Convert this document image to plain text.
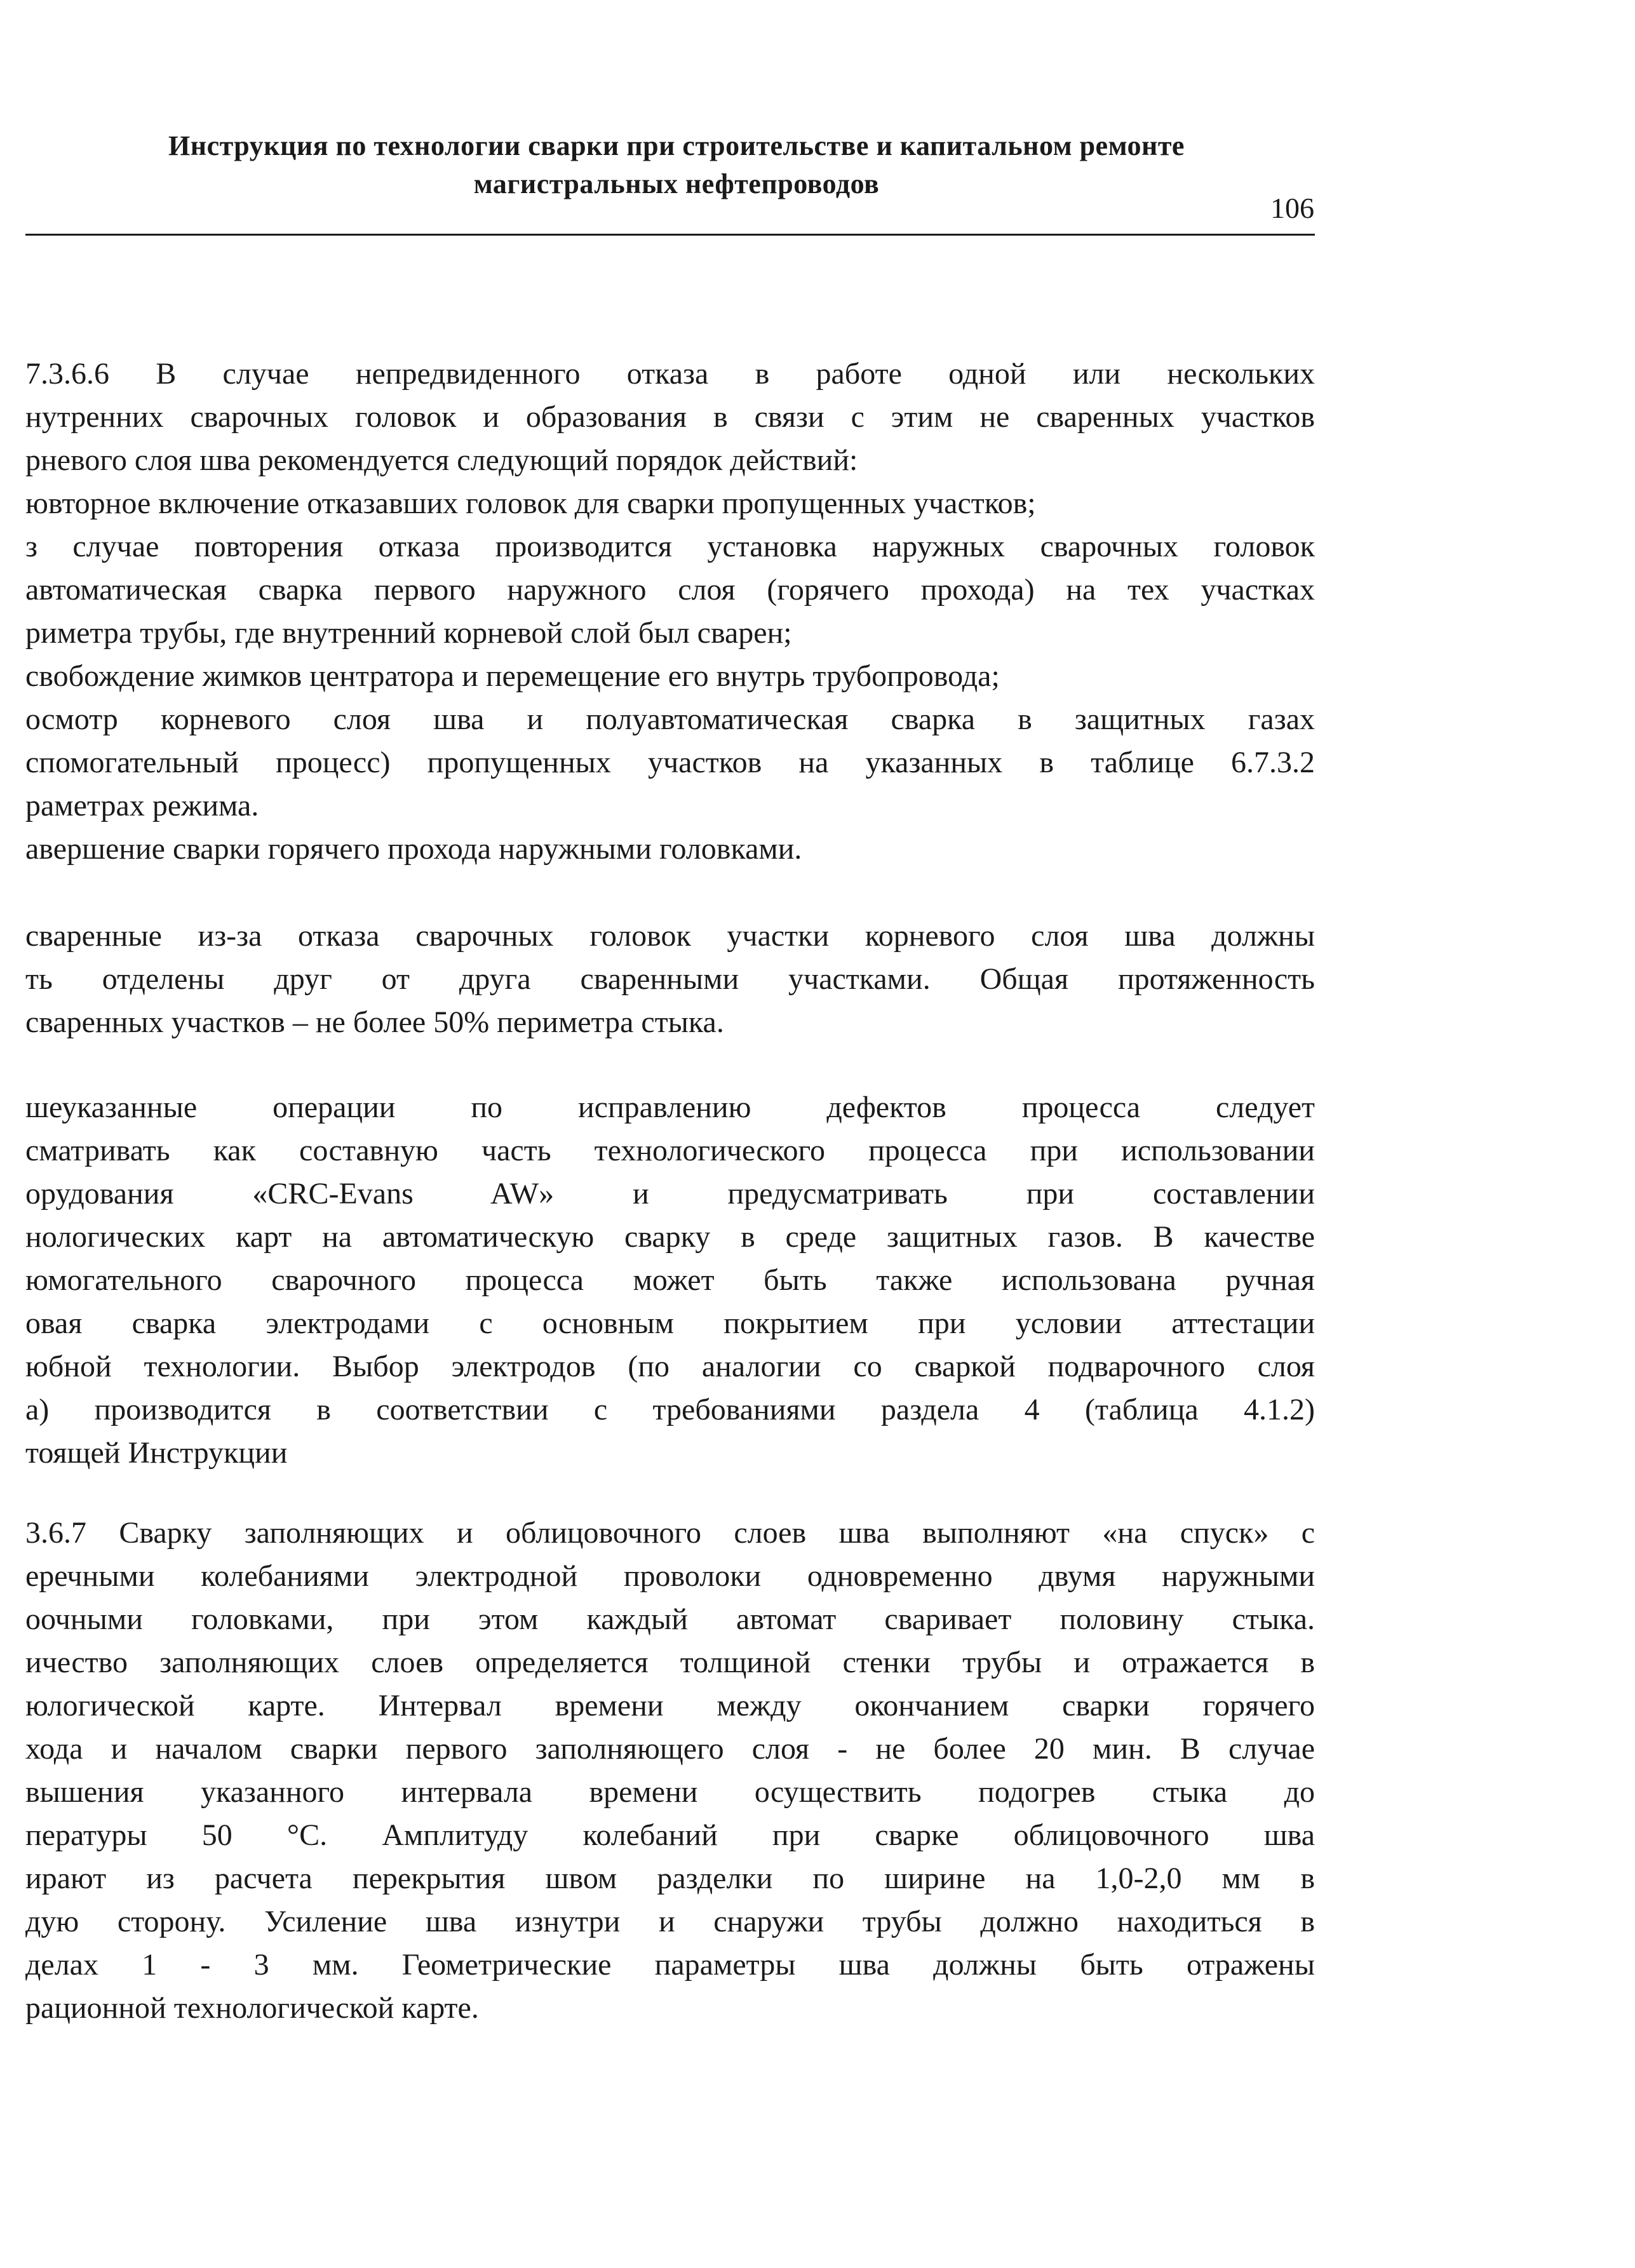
Инструкция по технологии сварки при строительстве и капитальном ремонте
магистральных нефтепроводов
106
7.3.6.6 В случае непредвиденного отказа в работе одной или нескольких
нутренних сварочных головок и образования в связи с этим не сваренных участков
рневого слоя шва рекомендуется следующий порядок действий:
ювторное включение отказавших головок для сварки пропущенных участков;
з случае повторения отказа производится установка наружных сварочных головок
автоматическая сварка первого наружного слоя (горячего прохода) на тех участках
риметра трубы, где внутренний корневой слой был сварен;
свобождение жимков центратора и перемещение его внутрь трубопровода;
осмотр корневого слоя шва и полуавтоматическая сварка в защитных газах
спомогательный процесс) пропущенных участков на указанных в таблице 6.7.3.2
раметрах режима.
авершение сварки горячего прохода наружными головками.
сваренные из-за отказа сварочных головок участки корневого слоя шва должны
ть отделены друг от друга сваренными участками. Общая протяженность
сваренных участков – не более 50% периметра стыка.
шеуказанные операции по исправлению дефектов процесса следует
сматривать как составную часть технологического процесса при использовании
орудования «CRC-Evans AW» и предусматривать при составлении
нологических карт на автоматическую сварку в среде защитных газов. В качестве
юмогательного сварочного процесса может быть также использована ручная
овая сварка электродами с основным покрытием при условии аттестации
юбной технологии. Выбор электродов (по аналогии со сваркой подварочного слоя
а) производится в соответствии с требованиями раздела 4 (таблица 4.1.2)
тоящей Инструкции
3.6.7 Сварку заполняющих и облицовочного слоев шва выполняют «на спуск» с
еречными колебаниями электродной проволоки одновременно двумя наружными
оочными головками, при этом каждый автомат сваривает половину стыка.
ичество заполняющих слоев определяется толщиной стенки трубы и отражается в
юлогической карте. Интервал времени между окончанием сварки горячего
хода и началом сварки первого заполняющего слоя - не более 20 мин. В случае
вышения указанного интервала времени осуществить подогрев стыка до
пературы 50 °С. Амплитуду колебаний при сварке облицовочного шва
ирают из расчета перекрытия швом разделки по ширине на 1,0-2,0 мм в
дую сторону. Усиление шва изнутри и снаружи трубы должно находиться в
делах 1 - 3 мм. Геометрические параметры шва должны быть отражены
рационной технологической карте.
